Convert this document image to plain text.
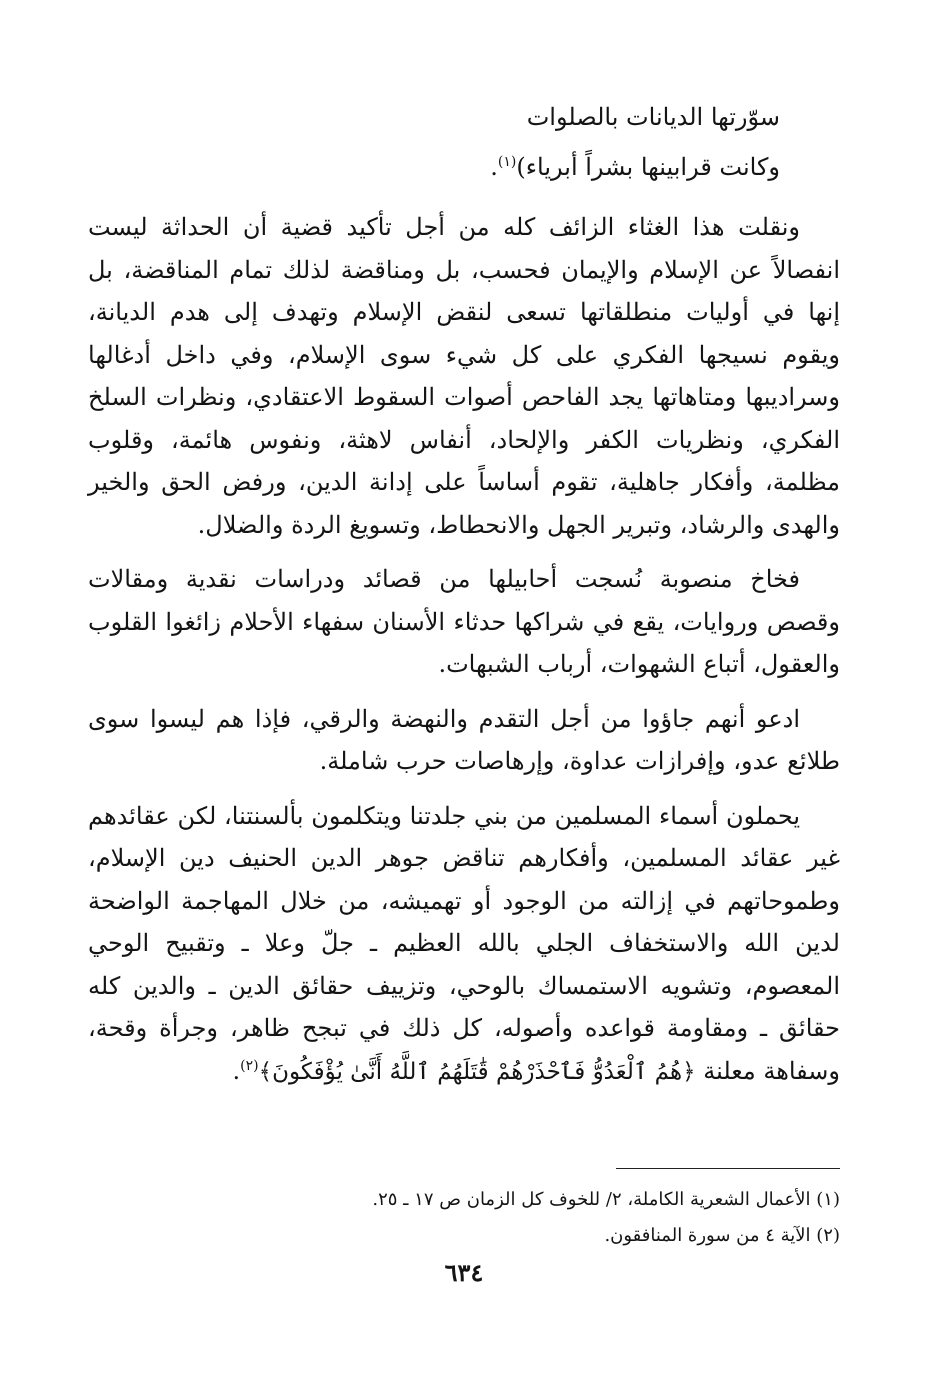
سوّرتها الديانات بالصلوات

وكانت قرابينها بشراً أبرياء)$^{(١)}$.

ونقلت هذا الغثاء الزائف كله من أجل تأكيد قضية أن الحداثة ليست انفصالاً عن الإسلام والإيمان فحسب، بل ومناقضة لذلك تمام المناقضة، بل إنها في أوليات منطلقاتها تسعى لنقض الإسلام وتهدف إلى هدم الديانة، ويقوم نسيجها الفكري على كل شيء سوى الإسلام، وفي داخل أدغالها وسراديبها ومتاهاتها يجد الفاحص أصوات السقوط الاعتقادي، ونظرات السلخ الفكري، ونظريات الكفر والإلحاد، أنفاس لاهثة، ونفوس هائمة، وقلوب مظلمة، وأفكار جاهلية، تقوم أساساً على إدانة الدين، ورفض الحق والخير والهدى والرشاد، وتبرير الجهل والانحطاط، وتسويغ الردة والضلال.

فخاخ منصوبة نُسجت أحابيلها من قصائد ودراسات نقدية ومقالات وقصص وروايات، يقع في شراكها حدثاء الأسنان سفهاء الأحلام زائغوا القلوب والعقول، أتباع الشهوات، أرباب الشبهات.

ادعو أنهم جاؤوا من أجل التقدم والنهضة والرقي، فإذا هم ليسوا سوى طلائع عدو، وإفرازات عداوة، وإرهاصات حرب شاملة.

يحملون أسماء المسلمين من بني جلدتنا ويتكلمون بألسنتنا، لكن عقائدهم غير عقائد المسلمين، وأفكارهم تناقض جوهر الدين الحنيف دين الإسلام، وطموحاتهم في إزالته من الوجود أو تهميشه، من خلال المهاجمة الواضحة لدين الله والاستخفاف الجلي بالله العظيم ـ جلّ وعلا ـ وتقبيح الوحي المعصوم، وتشويه الاستمساك بالوحي، وتزييف حقائق الدين ـ والدين كله حقائق ـ ومقاومة قواعده وأصوله، كل ذلك في تبجح ظاهر، وجرأة وقحة، وسفاهة معلنة ﴿هُمُ ٱلْعَدُوُّ فَٱحْذَرْهُمْ قَٰتَلَهُمُ ٱللَّهُ أَنَّىٰ يُؤْفَكُونَ﴾$^{(٢)}$.

(١) الأعمال الشعرية الكاملة، ٢/ للخوف كل الزمان ص ١٧ ـ ٢٥.

(٢) الآية ٤ من سورة المنافقون.

٦٣٤
